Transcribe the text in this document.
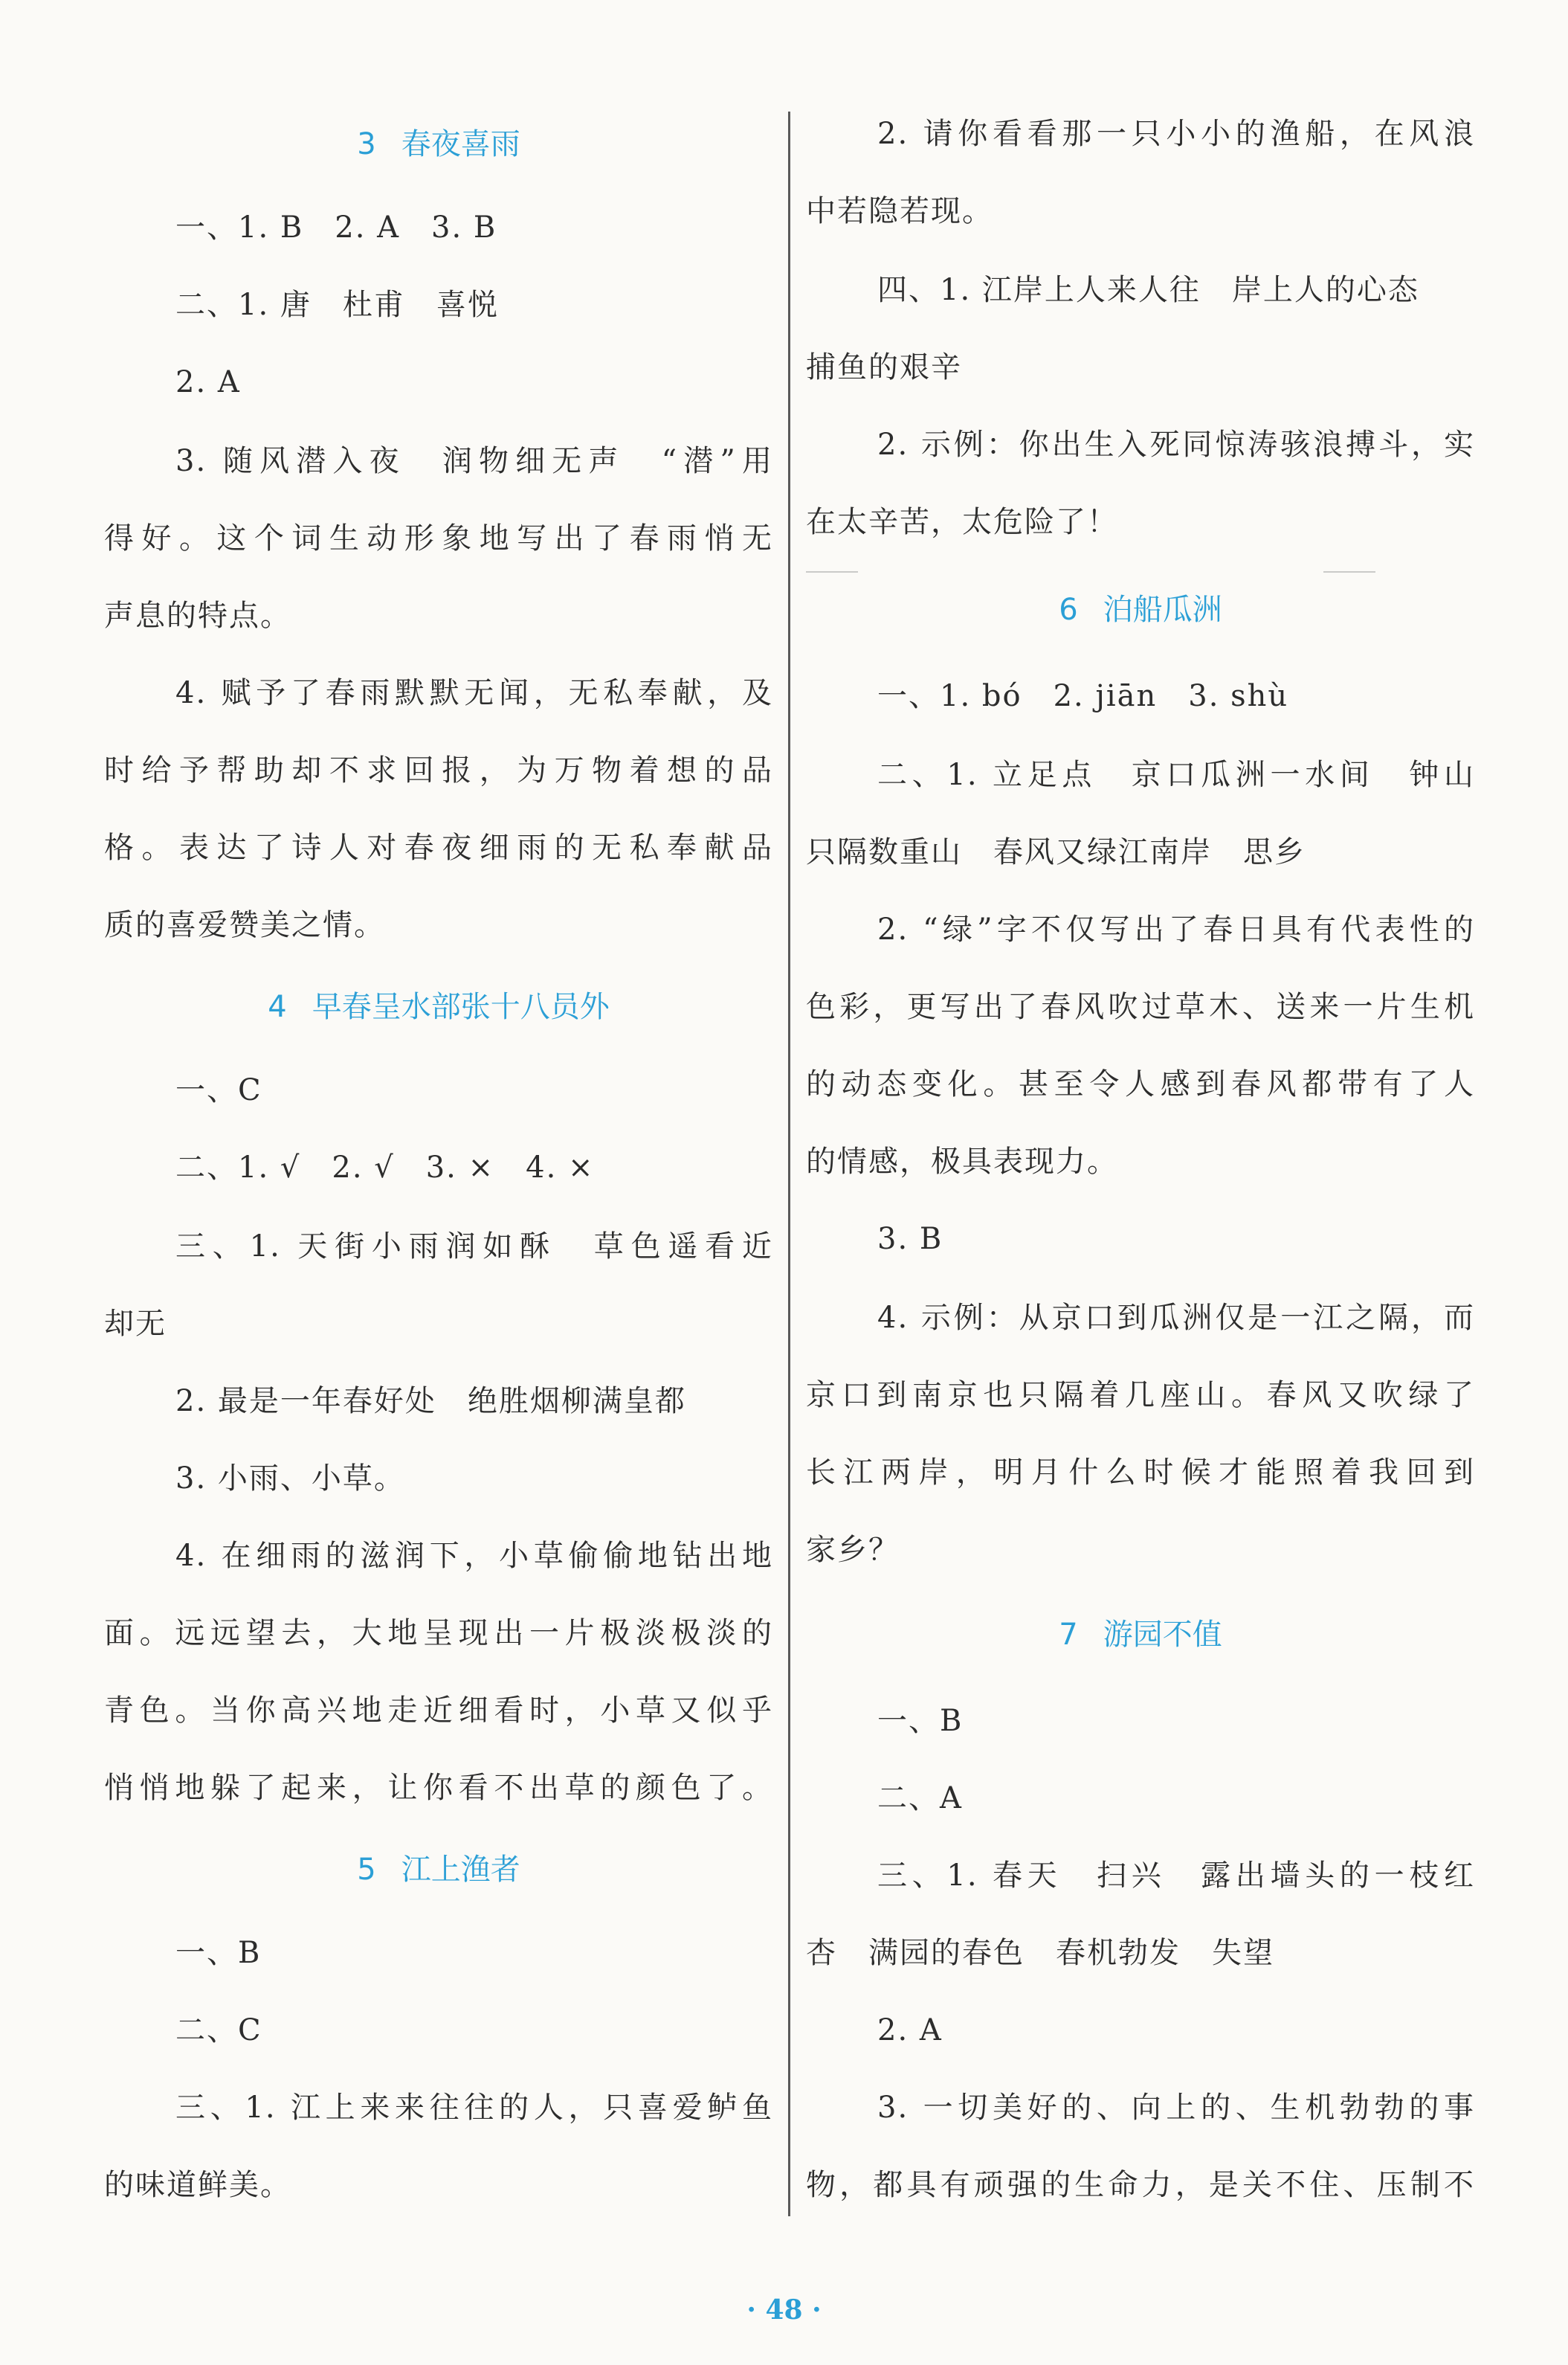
3 春夜喜雨
一、1. B　2. A　3. B
二、1. 唐　杜甫　喜悦
2. A
3. 随风潜入夜　润物细无声　“潜”用
得好。这个词生动形象地写出了春雨悄无
声息的特点。
4. 赋予了春雨默默无闻，无私奉献，及
时给予帮助却不求回报，为万物着想的品
格。表达了诗人对春夜细雨的无私奉献品
质的喜爱赞美之情。
4 早春呈水部张十八员外
一、C
二、1. √　2. √　3. ×　4. ×
三、1. 天街小雨润如酥　草色遥看近
却无
2. 最是一年春好处　绝胜烟柳满皇都
3. 小雨、小草。
4. 在细雨的滋润下，小草偷偷地钻出地
面。远远望去，大地呈现出一片极淡极淡的
青色。当你高兴地走近细看时，小草又似乎
悄悄地躲了起来，让你看不出草的颜色了。
5 江上渔者
一、B
二、C
三、1. 江上来来往往的人，只喜爱鲈鱼
的味道鲜美。
2. 请你看看那一只小小的渔船，在风浪
中若隐若现。
四、1. 江岸上人来人往　岸上人的心态
捕鱼的艰辛
2. 示例：你出生入死同惊涛骇浪搏斗，实
在太辛苦，太危险了！
6 泊船瓜洲
一、1. bó　2. jiān　3. shù
二、1. 立足点　京口瓜洲一水间　钟山
只隔数重山　春风又绿江南岸　思乡
2. “绿”字不仅写出了春日具有代表性的
色彩，更写出了春风吹过草木、送来一片生机
的动态变化。甚至令人感到春风都带有了人
的情感，极具表现力。
3. B
4. 示例：从京口到瓜洲仅是一江之隔，而
京口到南京也只隔着几座山。春风又吹绿了
长江两岸，明月什么时候才能照着我回到
家乡？
7 游园不值
一、B
二、A
三、1. 春天　扫兴　露出墙头的一枝红
杏　满园的春色　春机勃发　失望
2. A
3. 一切美好的、向上的、生机勃勃的事
物，都具有顽强的生命力，是关不住、压制不
· 48 ·
